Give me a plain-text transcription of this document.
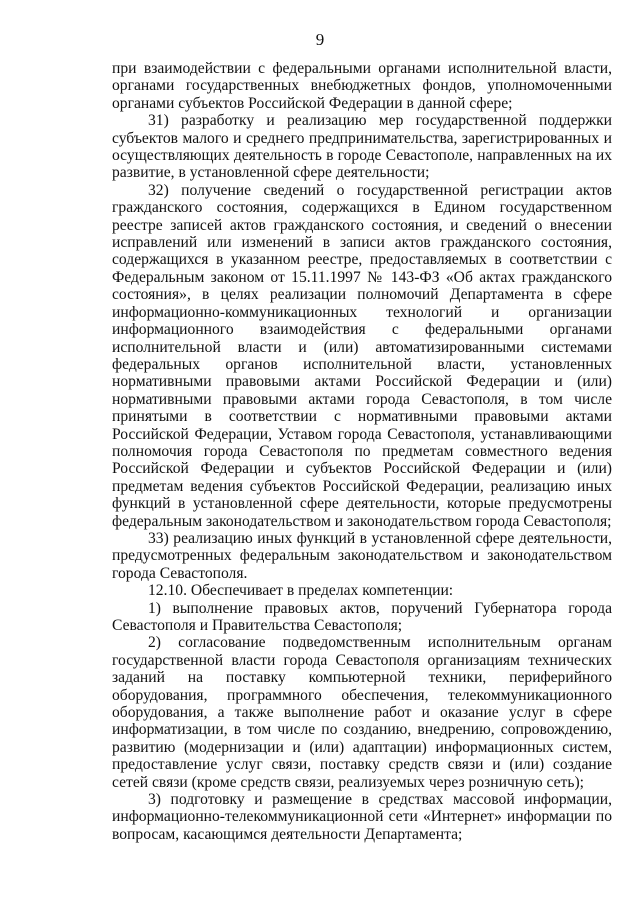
9

при взаимодействии с федеральными органами исполнительной власти, органами государственных внебюджетных фондов, уполномоченными органами субъектов Российской Федерации в данной сфере;

31) разработку и реализацию мер государственной поддержки субъектов малого и среднего предпринимательства, зарегистрированных и осуществляющих деятельность в городе Севастополе, направленных на их развитие, в установленной сфере деятельности;

32) получение сведений о государственной регистрации актов гражданского состояния, содержащихся в Едином государственном реестре записей актов гражданского состояния, и сведений о внесении исправлений или изменений в записи актов гражданского состояния, содержащихся в указанном реестре, предоставляемых в соответствии с Федеральным законом от 15.11.1997 № 143-ФЗ «Об актах гражданского состояния», в целях реализации полномочий Департамента в сфере информационно-коммуникационных технологий и организации информационного взаимодействия с федеральными органами исполнительной власти и (или) автоматизированными системами федеральных органов исполнительной власти, установленных нормативными правовыми актами Российской Федерации и (или) нормативными правовыми актами города Севастополя, в том числе принятыми в соответствии с нормативными правовыми актами Российской Федерации, Уставом города Севастополя, устанавливающими полномочия города Севастополя по предметам совместного ведения Российской Федерации и субъектов Российской Федерации и (или) предметам ведения субъектов Российской Федерации, реализацию иных функций в установленной сфере деятельности, которые предусмотрены федеральным законодательством и законодательством города Севастополя;

33) реализацию иных функций в установленной сфере деятельности, предусмотренных федеральным законодательством и законодательством города Севастополя.

12.10. Обеспечивает в пределах компетенции:

1) выполнение правовых актов, поручений Губернатора города Севастополя и Правительства Севастополя;

2) согласование подведомственным исполнительным органам государственной власти города Севастополя организациям технических заданий на поставку компьютерной техники, периферийного оборудования, программного обеспечения, телекоммуникационного оборудования, а также выполнение работ и оказание услуг в сфере информатизации, в том числе по созданию, внедрению, сопровождению, развитию (модернизации и (или) адаптации) информационных систем, предоставление услуг связи, поставку средств связи и (или) создание сетей связи (кроме средств связи, реализуемых через розничную сеть);

3) подготовку и размещение в средствах массовой информации, информационно-телекоммуникационной сети «Интернет» информации по вопросам, касающимся деятельности Департамента;
